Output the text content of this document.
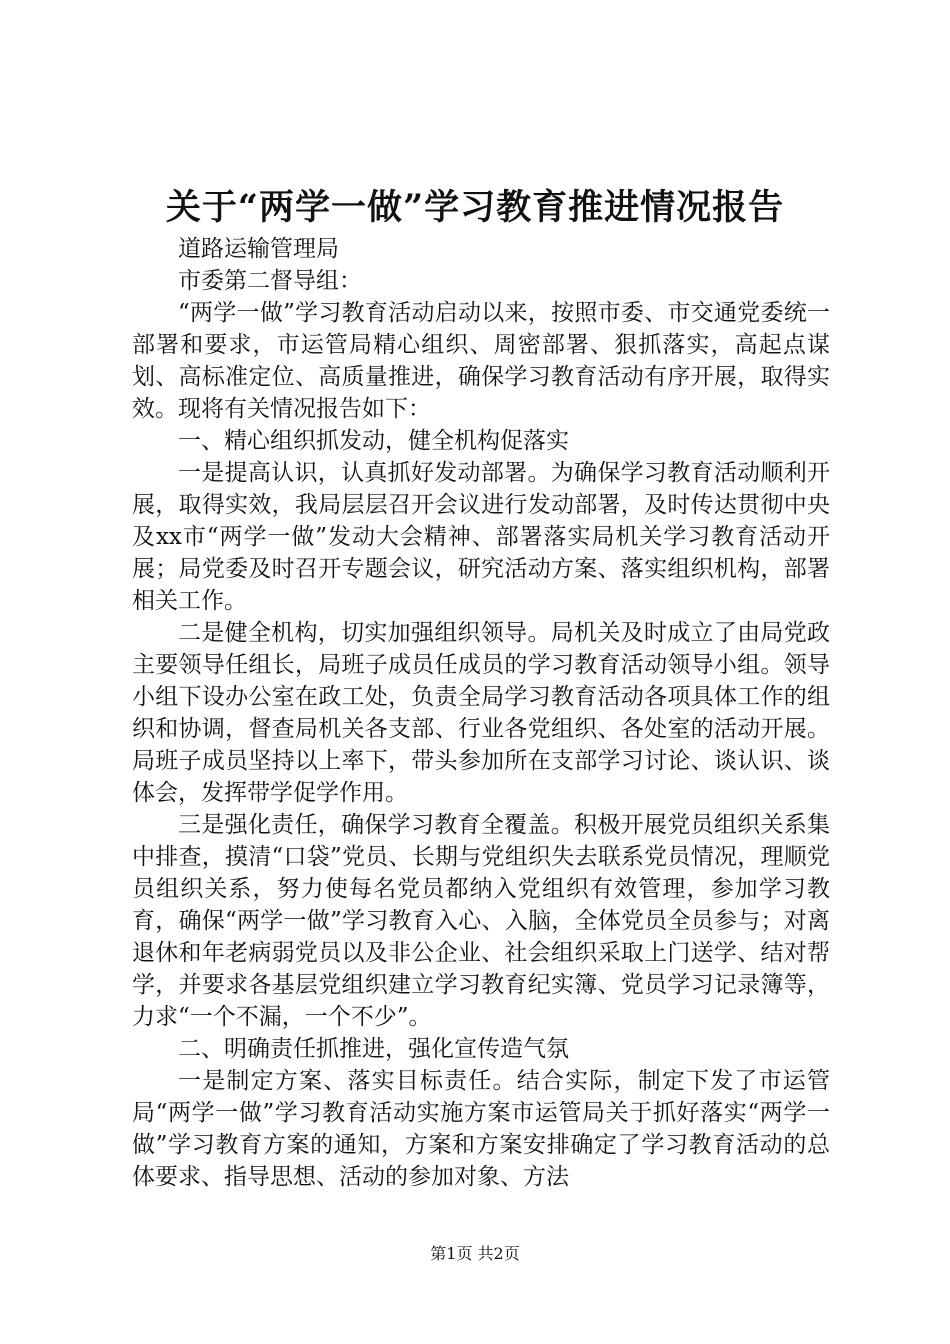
关于“两学一做”学习教育推进情况报告

道路运输管理局

市委第二督导组：

“两学一做”学习教育活动启动以来，按照市委、市交通党委统一部署和要求，市运管局精心组织、周密部署、狠抓落实，高起点谋划、高标准定位、高质量推进，确保学习教育活动有序开展，取得实效。现将有关情况报告如下：

一、精心组织抓发动，健全机构促落实

一是提高认识，认真抓好发动部署。为确保学习教育活动顺利开展，取得实效，我局层层召开会议进行发动部署，及时传达贯彻中央及xx市“两学一做”发动大会精神、部署落实局机关学习教育活动开展；局党委及时召开专题会议，研究活动方案、落实组织机构，部署相关工作。

二是健全机构，切实加强组织领导。局机关及时成立了由局党政主要领导任组长，局班子成员任成员的学习教育活动领导小组。领导小组下设办公室在政工处，负责全局学习教育活动各项具体工作的组织和协调，督查局机关各支部、行业各党组织、各处室的活动开展。局班子成员坚持以上率下，带头参加所在支部学习讨论、谈认识、谈体会，发挥带学促学作用。

三是强化责任，确保学习教育全覆盖。积极开展党员组织关系集中排查，摸清“口袋”党员、长期与党组织失去联系党员情况，理顺党员组织关系，努力使每名党员都纳入党组织有效管理，参加学习教育，确保“两学一做”学习教育入心、入脑，全体党员全员参与；对离退休和年老病弱党员以及非公企业、社会组织采取上门送学、结对帮学，并要求各基层党组织建立学习教育纪实簿、党员学习记录簿等，力求“一个不漏，一个不少”。

二、明确责任抓推进，强化宣传造气氛

一是制定方案、落实目标责任。结合实际，制定下发了市运管局“两学一做”学习教育活动实施方案市运管局关于抓好落实“两学一做”学习教育方案的通知，方案和方案安排确定了学习教育活动的总体要求、指导思想、活动的参加对象、方法

第1页 共2页
